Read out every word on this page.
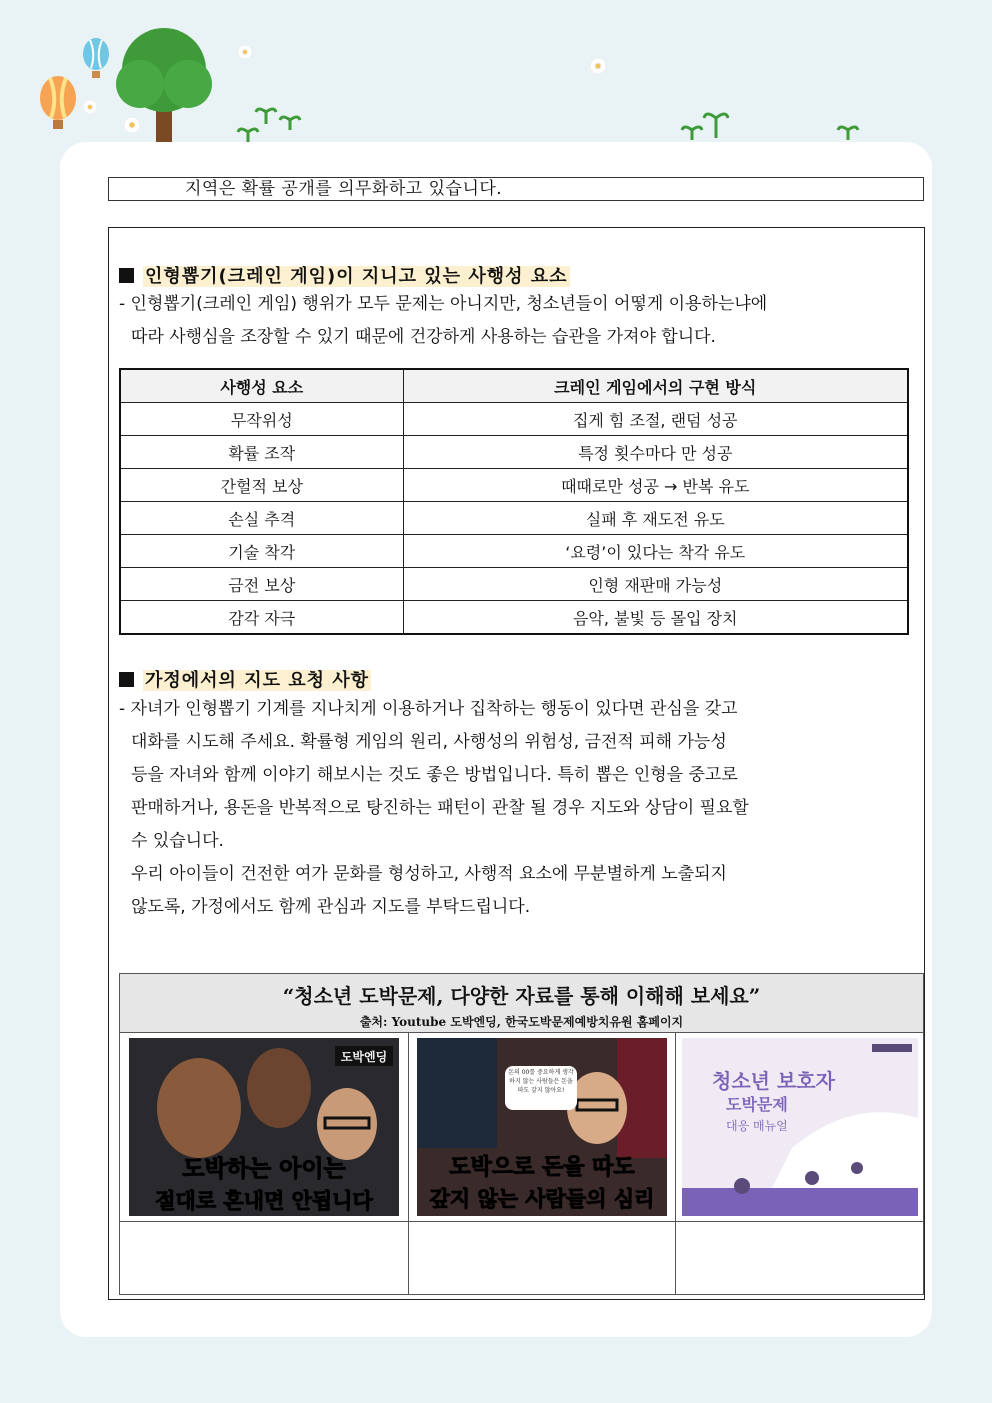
지역은 확률 공개를 의무화하고 있습니다.
인형뽑기(크레인 게임)이 지니고 있는 사행성 요소
- 인형뽑기(크레인 게임) 행위가 모두 문제는 아니지만, 청소년들이 어떻게 이용하는냐에
따라 사행심을 조장할 수 있기 때문에 건강하게 사용하는 습관을 가져야 합니다.
사행성 요소	크레인 게임에서의 구현 방식
무작위성	집게 힘 조절, 랜덤 성공
확률 조작	특정 횟수마다 만 성공
간헐적 보상	때때로만 성공 → 반복 유도
손실 추격	실패 후 재도전 유도
기술 착각	‘요령’이 있다는 착각 유도
금전 보상	인형 재판매 가능성
감각 자극	음악, 불빛 등 몰입 장치
가정에서의 지도 요청 사항
- 자녀가 인형뽑기 기계를 지나치게 이용하거나 집착하는 행동이 있다면 관심을 갖고
대화를 시도해 주세요. 확률형 게임의 원리, 사행성의 위험성, 금전적 피해 가능성
등을 자녀와 함께 이야기 해보시는 것도 좋은 방법입니다. 특히 뽑은 인형을 중고로
판매하거나, 용돈을 반복적으로 탕진하는 패턴이 관찰 될 경우 지도와 상담이 필요할
수 있습니다.
우리 아이들이 건전한 여가 문화를 형성하고, 사행적 요소에 무분별하게 노출되지
않도록, 가정에서도 함께 관심과 지도를 부탁드립니다.
“청소년 도박문제, 다양한 자료를 통해 이해해 보세요”
출처: Youtube 도박엔딩, 한국도박문제예방치유원 홈페이지		

도박엔딩
도박하는 아이는
절대로 혼내면 안됩니다	돈의 00를 중요하게 생각하지 않는 사람들은 돈을 따도 갚지 않아요!
도박으로 돈을 따도
갚지 않는 사람들의 심리	청소년 보호자
도박문제
대응 매뉴얼
